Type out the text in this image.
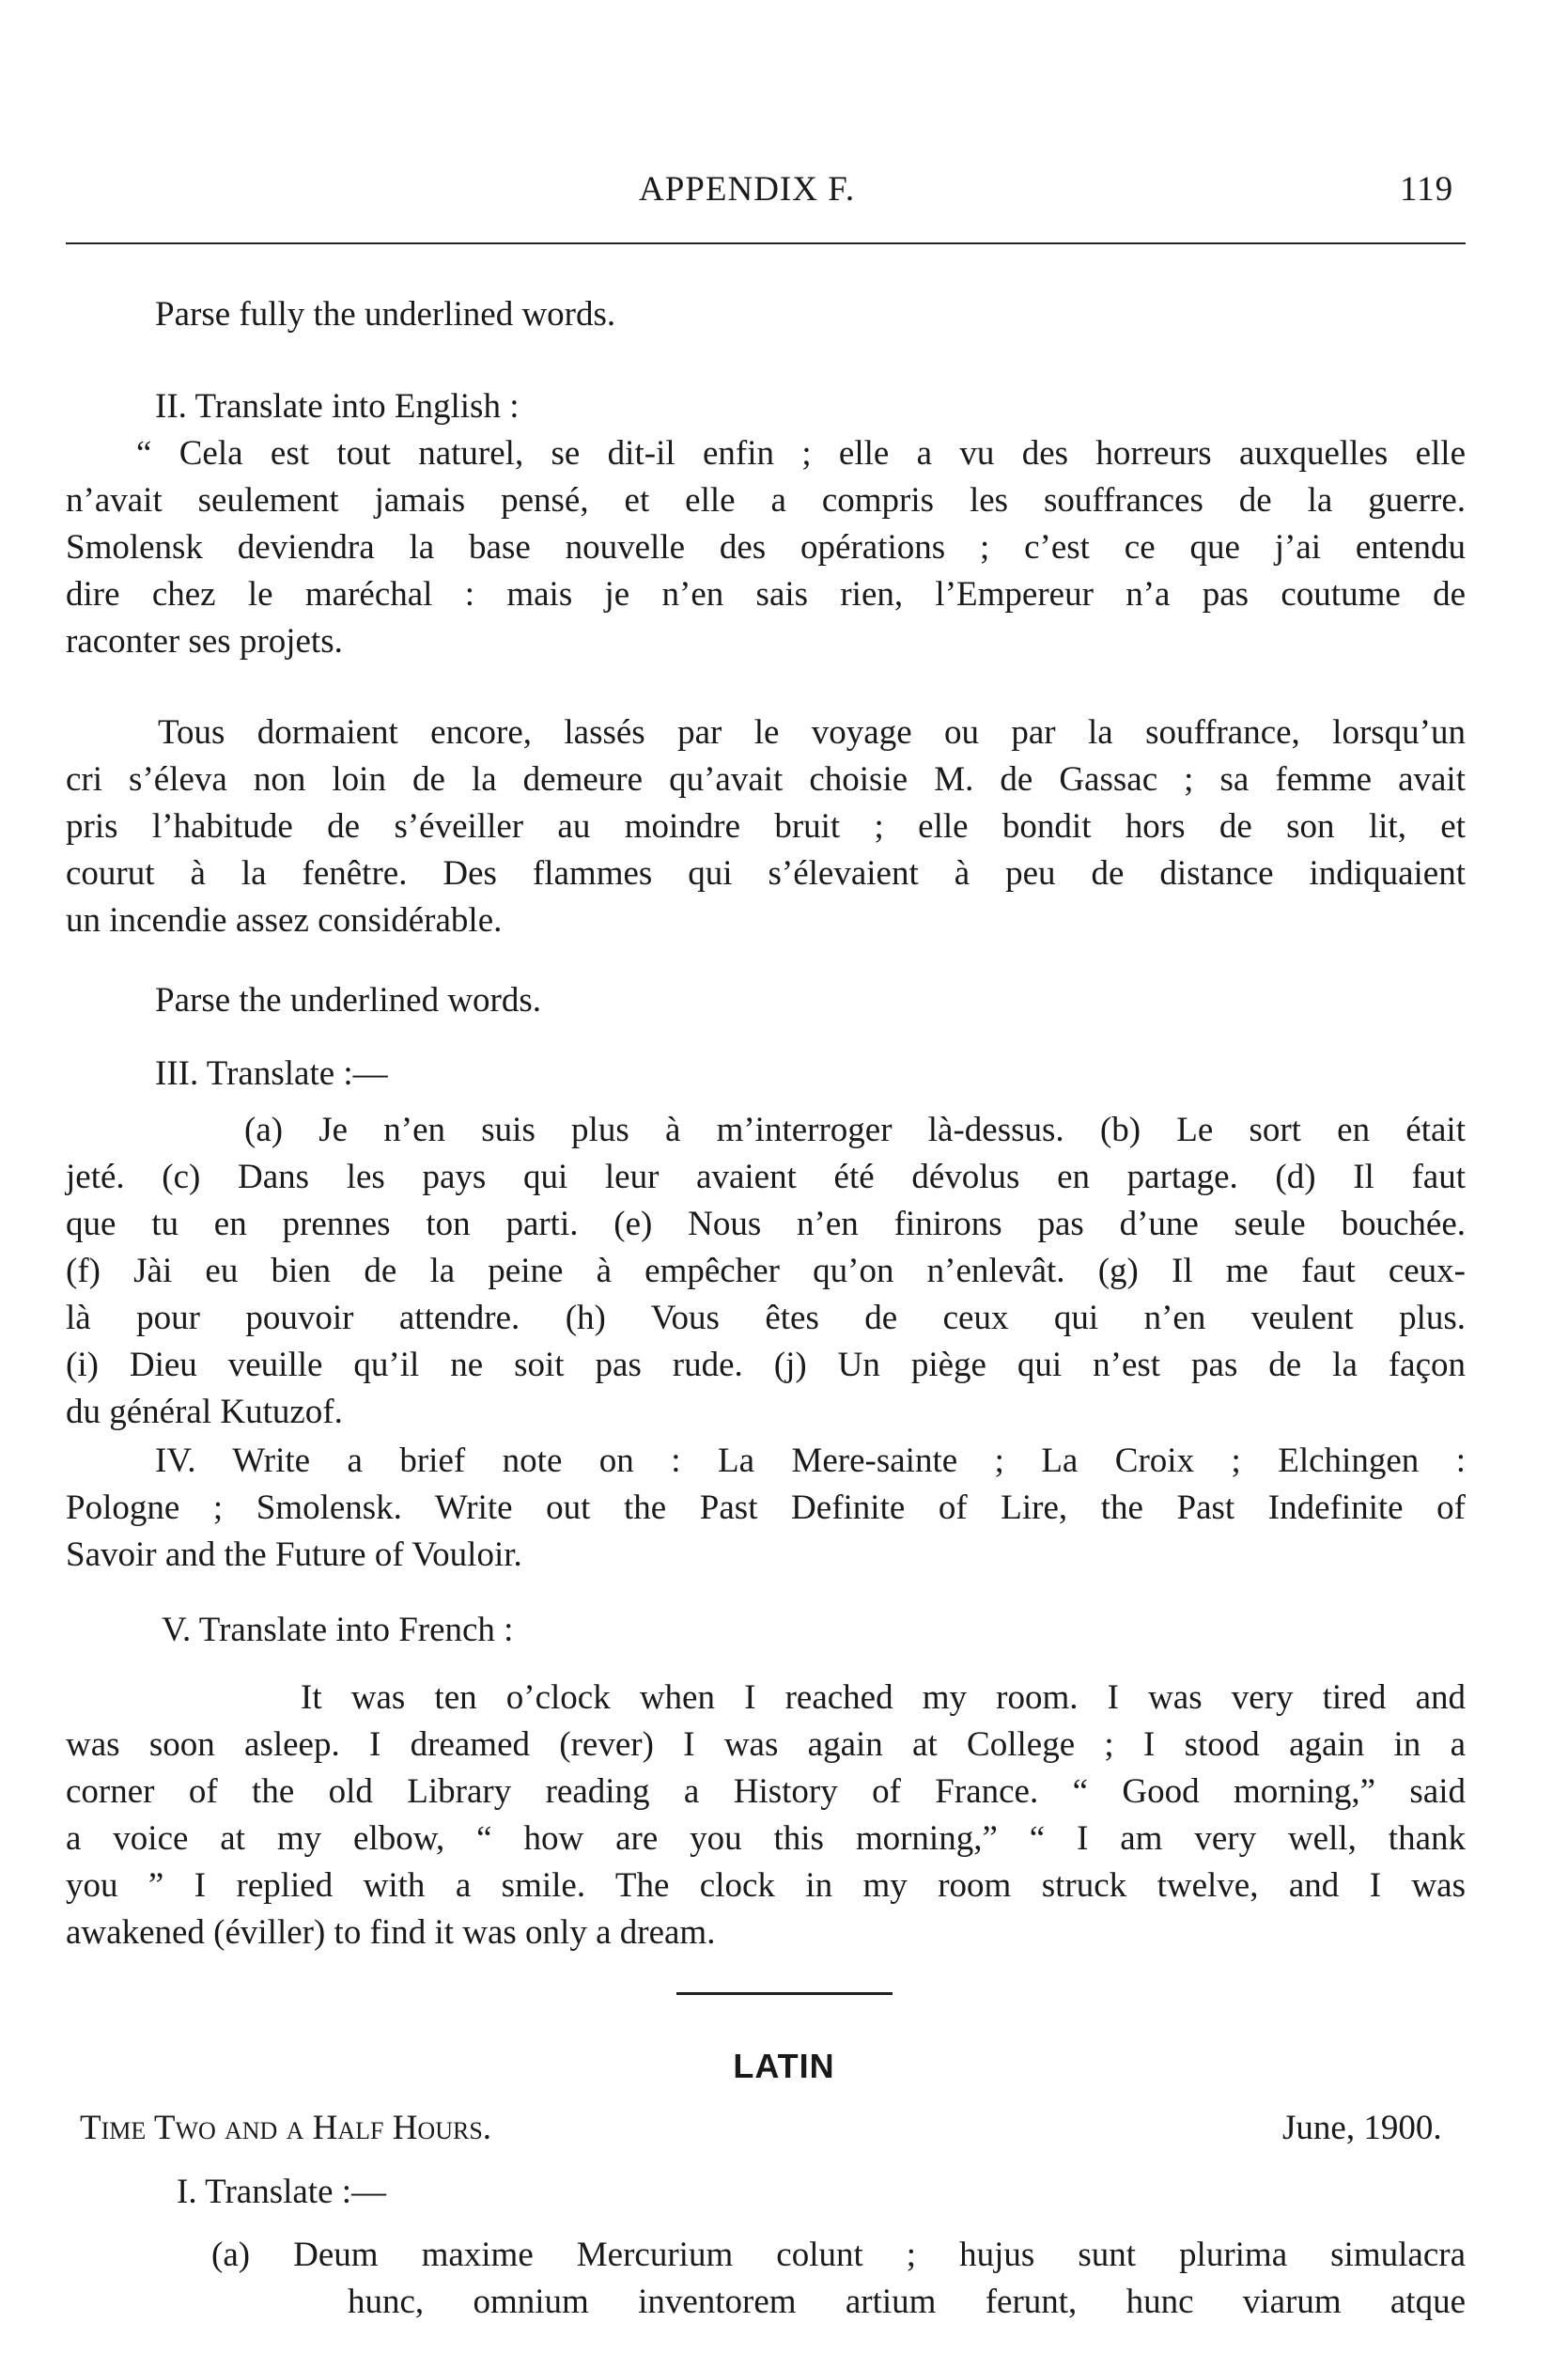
APPENDIX F.	119
Parse fully the underlined words.
II. Translate into English :
“ Cela est tout naturel, se dit-il enfin ; elle a vu des horreurs auxquelles elle
n’avait seulement jamais pensé, et elle a compris les souffrances de la guerre.
Smolensk deviendra la base nouvelle des opérations ; c’est ce que j’ai entendu
dire chez le maréchal : mais je n’en sais rien, l’Empereur n’a pas coutume de
raconter ses projets.
Tous dormaient encore, lassés par le voyage ou par la souffrance, lorsqu’un
cri s’éleva non loin de la demeure qu’avait choisie M. de Gassac ; sa femme avait
pris l’habitude de s’éveiller au moindre bruit ; elle bondit hors de son lit, et
courut à la fenêtre. Des flammes qui s’élevaient à peu de distance indiquaient
un incendie assez considérable.
Parse the underlined words.
III. Translate :—
(a) Je n’en suis plus à m’interroger là-dessus. (b) Le sort en était
jeté. (c) Dans les pays qui leur avaient été dévolus en partage. (d) Il faut
que tu en prennes ton parti. (e) Nous n’en finirons pas d’une seule bouchée.
(f) Jài eu bien de la peine à empêcher qu’on n’enlevât. (g) Il me faut ceux-
là pour pouvoir attendre. (h) Vous êtes de ceux qui n’en veulent plus.
(i) Dieu veuille qu’il ne soit pas rude. (j) Un piège qui n’est pas de la façon
du général Kutuzof.
IV. Write a brief note on : La Mere-sainte ; La Croix ; Elchingen :
Pologne ; Smolensk. Write out the Past Definite of Lire, the Past Indefinite of
Savoir and the Future of Vouloir.
V. Translate into French :
It was ten o’clock when I reached my room. I was very tired and
was soon asleep. I dreamed (rever) I was again at College ; I stood again in a
corner of the old Library reading a History of France. “ Good morning,” said
a voice at my elbow, “ how are you this morning,” “ I am very well, thank
you ” I replied with a smile. The clock in my room struck twelve, and I was
awakened (éviller) to find it was only a dream.
LATIN
Time Two and a Half Hours.	June, 1900.
I. Translate :—
(a) Deum maxime Mercurium colunt ; hujus sunt plurima simulacra
hunc, omnium inventorem artium ferunt, hunc viarum atque
